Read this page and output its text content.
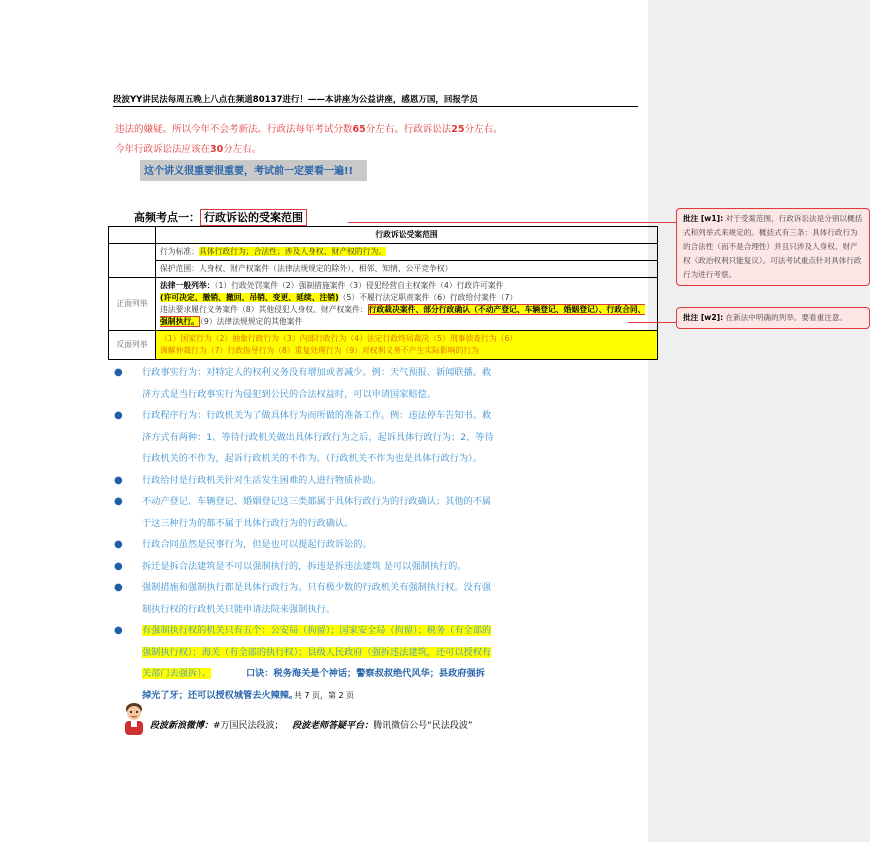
段波YY讲民法每周五晚上八点在频道80137进行！——本讲座为公益讲座，感恩万国，回报学员
违法的嫌疑。所以今年不会考新法。行政法每年考试分数65分左右。行政诉讼法25分左右。
今年行政诉讼法应该在30分左右。
这个讲义很重要很重要，考试前一定要看一遍!!
高频考点一： 行政诉讼的受案范围
	行政诉讼受案范围
	行为标准：具体行政行为；合法性；涉及人身权、财产权的行为。
	保护范围：人身权、财产权案件（法律法规规定的除外），相邻、知情、公平竞争权）
正面列举	法律一般列举：（1）行政处罚案件（2）强制措施案件（3）侵犯经营自主权案件（4）行政许可案件
(许可决定、撤销、撤回、吊销、变更、延续、注销)（5）不履行法定职责案件（6）行政给付案件（7）
违法要求履行义务案件（8）其他侵犯人身权、财产权案件：行政裁决案件、部分行政确认（不动产登记、车辆登记、婚姻登记）、行政合同、强制执行。（9）法律法规规定的其他案件
反面列举	（1）国家行为（2）抽象行政行为（3）内部行政行为（4）法定行政终局裁决（5）刑事侦查行为（6）
调解仲裁行为（7）行政指导行为（8）重复处理行为（9）对权利义务不产生实际影响的行为
● 行政事实行为：对特定人的权利义务没有增加或者减少。例：天气预报、新闻联播。救
济方式是当行政事实行为侵犯到公民的合法权益时，可以申请国家赔偿。
● 行政程序行为：行政机关为了做具体行为而所做的准备工作。例：违法停车告知书。救
济方式有两种：1、等待行政机关做出具体行政行为之后，起诉具体行政行为；2、等待
行政机关的不作为，起诉行政机关的不作为。（行政机关不作为也是具体行政行为）。
● 行政给付是行政机关针对生活发生困难的人进行物质补助。
● 不动产登记、车辆登记、婚姻登记这三类都属于具体行政行为的行政确认；其他的不属
于这三种行为的都不属于具体行政行为的行政确认。
● 行政合同虽然是民事行为，但是也可以提起行政诉讼的。
● 拆迁是拆合法建筑是不可以强制执行的，拆违是拆违法建筑 是可以强制执行的。
● 强制措施和强制执行都是具体行政行为。只有极少数的行政机关有强制执行权。没有强
制执行权的行政机关只能申请法院来强制执行。
● 有强制执行权的机关只有五个：公安局（拘留）；国家安全局（拘留）；税务（有全部的
强制执行权）；海关（有全部的执行权）；县级人民政府（强拆违法建筑，还可以授权有
关部门去强拆）。	口诀：税务海关是个神话；警察叔叔绝代风华；县政府强拆
掉光了牙；还可以授权城管去火辣辣。
共 7 页，第 2 页
段波新浪微博：#万国民法段波； 段波老师答疑平台：腾讯微信公号“民法段波”
批注 [w1]: 对于受案范围，行政诉讼法是分别以概括式和列举式来规定的。概括式有三条：具体行政行为的合法性（而不是合理性）并且只涉及人身权、财产权（政治权利只能复议）。可法考试重点针对具体行政行为进行考察。
批注 [w2]: 在新法中明确的列举。要看重注意。
